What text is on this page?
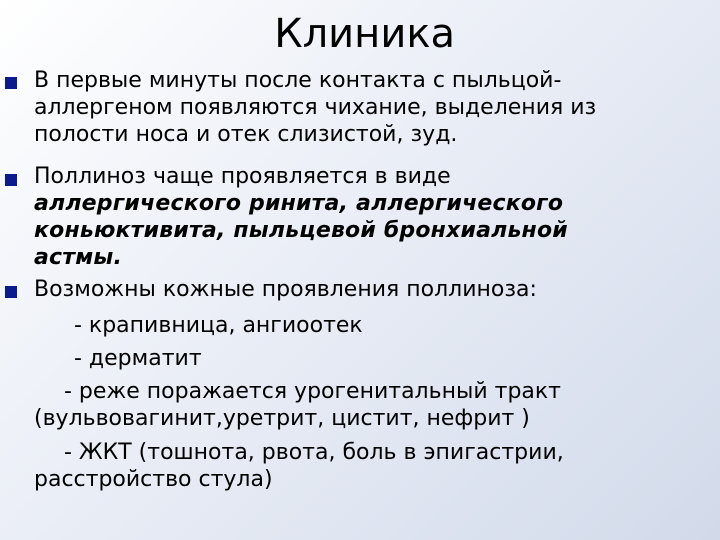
Клиника
В первые минуты после контакта с пыльцой-
аллергеном появляются чихание, выделения из
полости носа и отек слизистой, зуд.
Поллиноз чаще проявляется в виде
аллергического ринита, аллергического
коньюктивита, пыльцевой бронхиальной
астмы.
Возможны кожные проявления поллиноза:
- крапивница, ангиоотек
- дерматит
- реже поражается урогенитальный тракт
(вульвовагинит,уретрит, цистит, нефрит )
- ЖКТ (тошнота, рвота, боль в эпигастрии,
расстройство стула)
